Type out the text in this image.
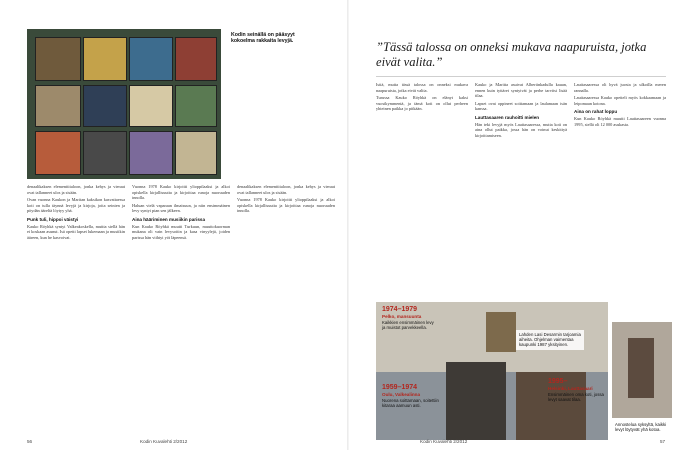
Kodin seinällä on pääsyyt kokoelma rakkaita levyjä.

denaalikaksen elementtitaloon, jonka kehys ja vieraat ovat tallanneet ulos ja sisään.

Ovan vuonna Kaukon ja Maritan kaksikon kasvattaessa koti on tulla täynnä levyjä ja kirjoja, joita seinien ja pöydän ääreltä löytyy yhä.

Punk tuli, hippoi väistyi

Kauko Röyhkä syntyi Valkeakoskella, muttta siellä hän ei koskaan asunut. Isä opetti lapset lukemaan ja musiikin ääreen, kun he kasvoivat.

Vuonna 1978 Kauko kirjoitti ylioppilaaksi ja alkoi opiskella kirjallisuutta ja kirjoittaa runoja nuoruuden innolla.

Haluan vielä vaparaan ilmaisuun, ja niin ensimmäinen levy syntyi pian sen jälkeen.

Aina hääriminen musiikin parissa

Kun Kauko Röyhkä muutti Turkuun, muuttokuorman mukana oli vain levysoitin ja kasa vinyylejä, joiden parissa hän viihtyi yöt läpeensä.

denaalikaksen elementtitaloon, jonka kehys ja vieraat ovat tallanneet ulos ja sisään.

Vuonna 1978 Kauko kirjoitti ylioppilaaksi ja alkoi opiskella kirjallisuutta ja kirjoittaa runoja nuoruuden innolla.

56	Kodin Kuvalehti 2/2012
”Tässä talossa on onneksi mukava naapuruista, jotka eivät valita.”

Istiä, mutta tässä talossa on onneksi mukava naapuruista, jotka eivät valita.

Turussa Kauko Röyhkä on elänyt kaksi vuosikymmentä, ja tämä koti on ollut perheen yhteinen paikka jo pitkään.

Kauko ja Maritta asuivat Albertinkadulla kauan, ennen kuin tyttäret syntyivät ja perhe tarvitsi lisää tilaa.

Lapset ovat oppineet soittamaan ja laulamaan isän kanssa.

Lauttasaaren rauhoitti mielen

Hän teki levyjä myös Lauttasaaressa, mutta koti on aina ollut paikka, jossa hän on voinut keskittyä kirjoittamiseen.

Lauttasaaressa oli hyvä juosta ja ulkoilla meren rannalla.

Lauttasaaressa Kauko opetteli myös kokkaamaan ja leipomaan kotona.

Aina on rahat loppu

Kun Kauko Röyhkä muutti Lauttasaareen vuonna 1995, siellä oli 12 000 asukasta.

1974–1979
Pelko, mansuunta
Kaikkien ensimmäinen levy ja muistot parvekkeella.
1959–1974
Oulu, Valkealinna
Nuorena soittamaan, soitettiin kitaraa aamuun asti.
Lahden Lasi Desarmin tarjoamia aiheita. Ohjelman vaimentaa kaupunki 1987 yksityinen.
1995–
Helsinki, Lauttasaari
Ensimmäinen oma koti, jossa levyt saavat tilaa.
Annostelua syksyltä, kaikki levyt löytyvät yhä kotoa.
Kodin Kuvalehti 2/2012	57
